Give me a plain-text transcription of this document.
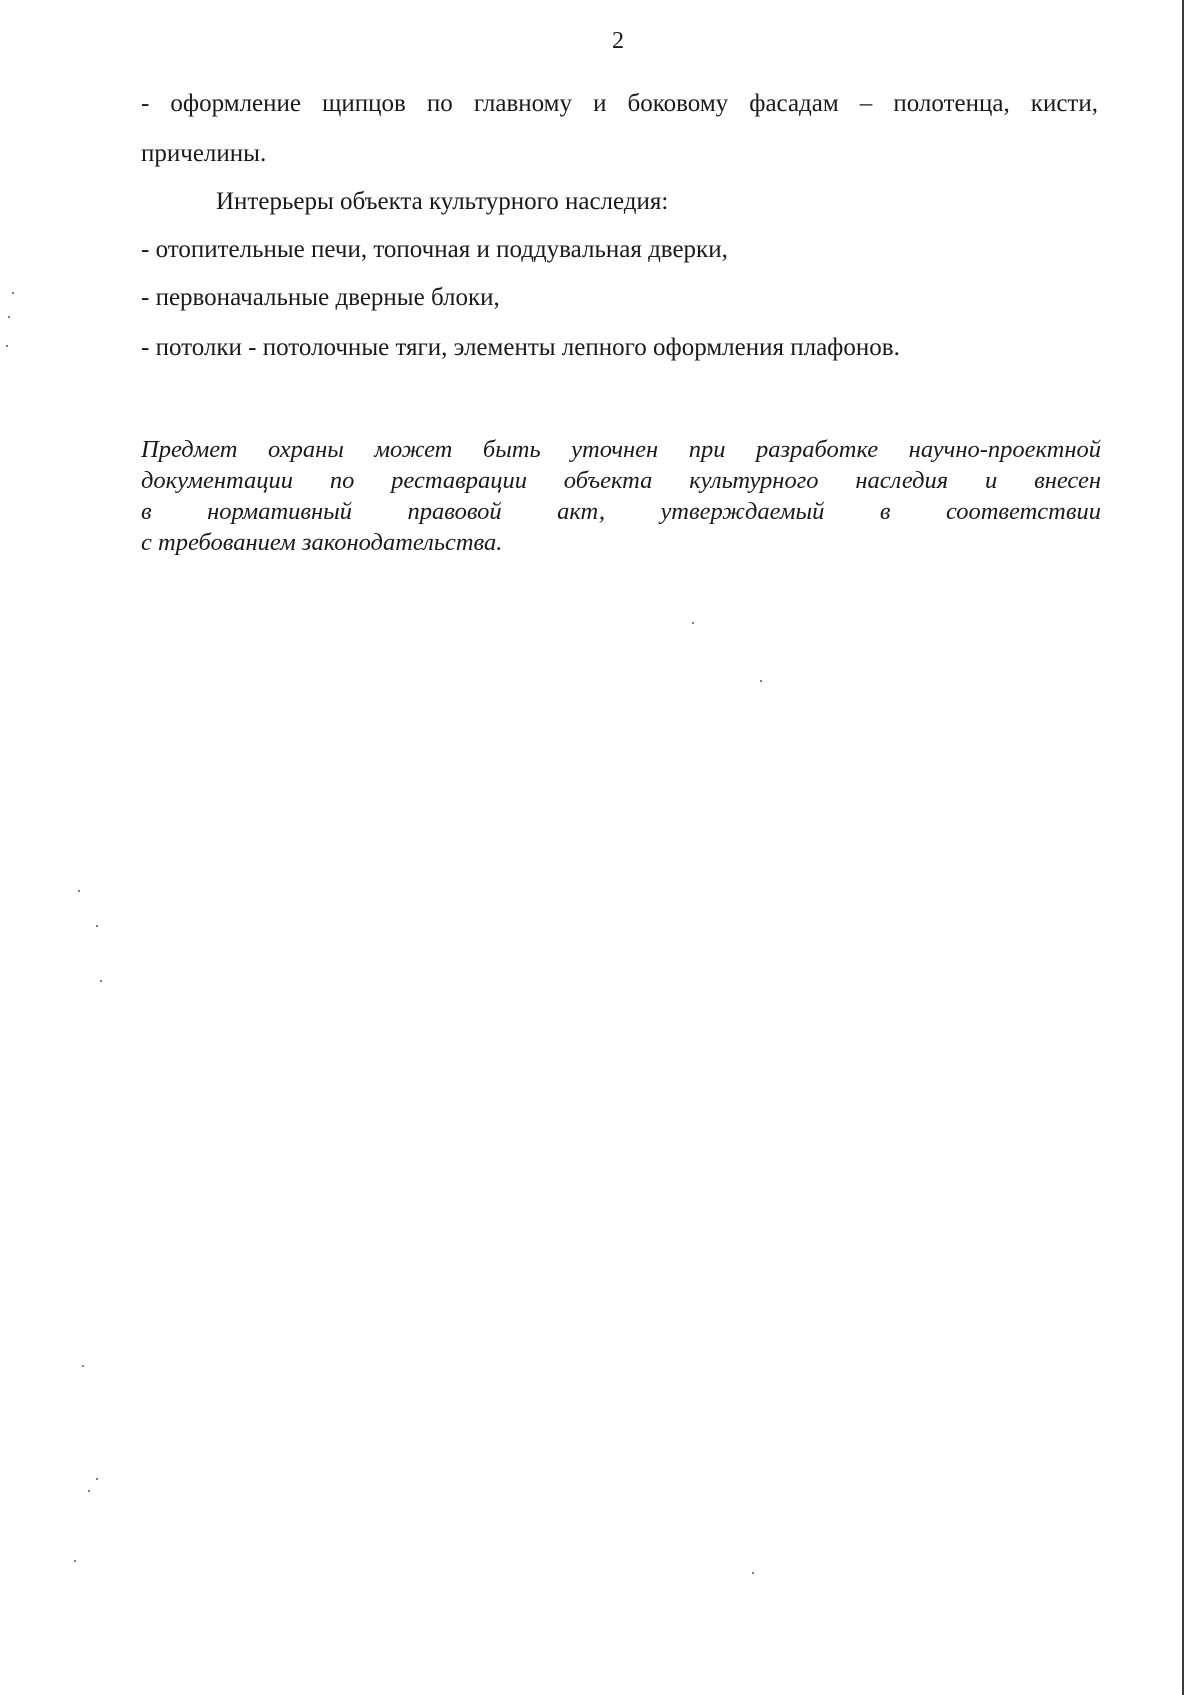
2
- оформление щипцов по главному и боковому фасадам – полотенца, кисти,
причелины.
Интерьеры объекта культурного наследия:
- отопительные печи, топочная и поддувальная дверки,
- первоначальные дверные блоки,
- потолки - потолочные тяги, элементы лепного оформления плафонов.
Предмет охраны может быть уточнен при разработке научно-проектной
документации по реставрации объекта культурного наследия и внесен
в нормативный правовой акт, утверждаемый в соответствии
с требованием законодательства.
